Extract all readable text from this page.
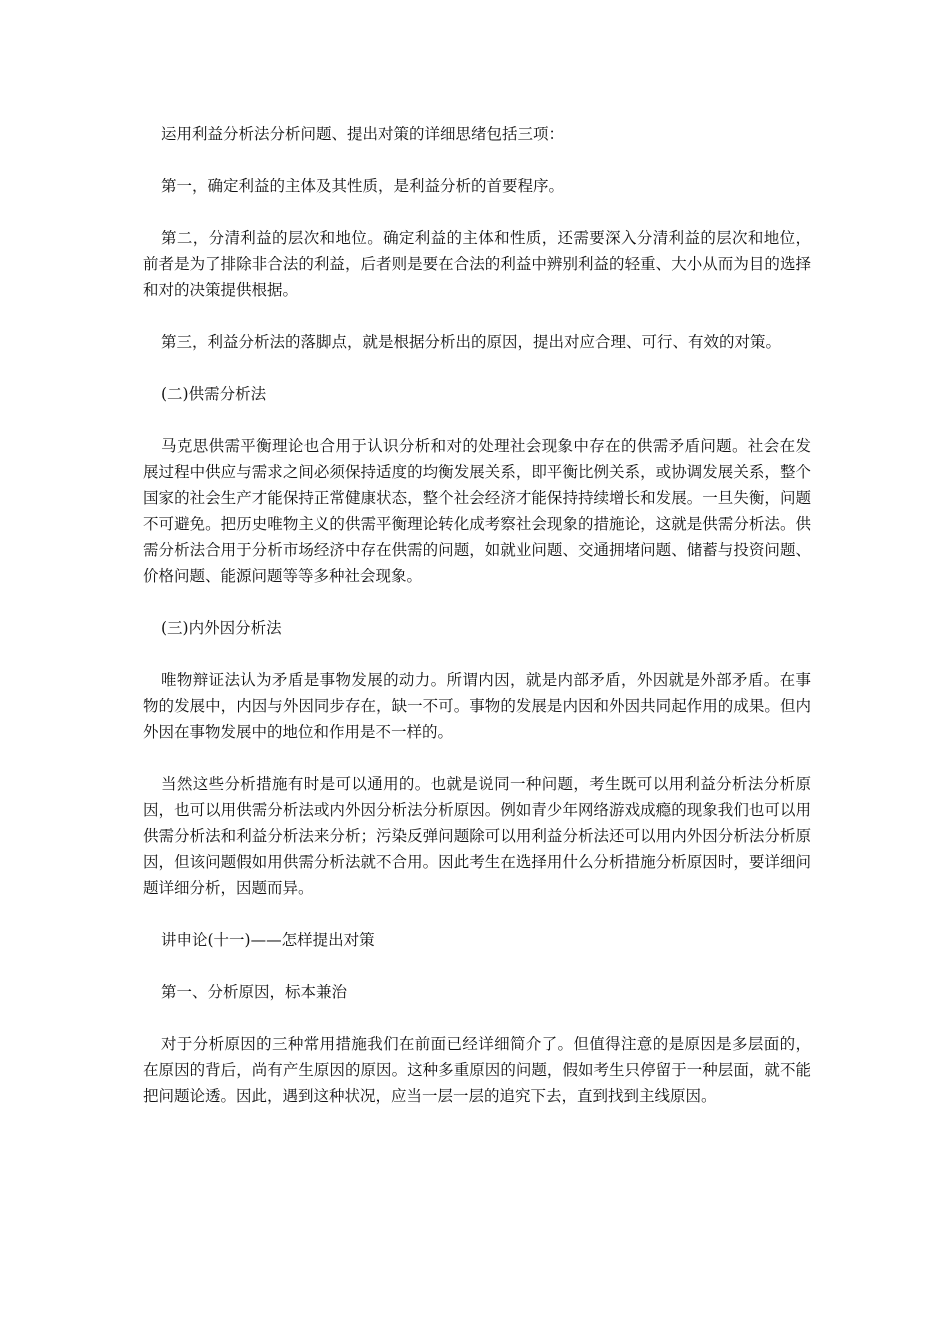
运用利益分析法分析问题、提出对策的详细思绪包括三项：

第一，确定利益的主体及其性质，是利益分析的首要程序。

第二，分清利益的层次和地位。确定利益的主体和性质，还需要深入分清利益的层次和地位，前者是为了排除非合法的利益，后者则是要在合法的利益中辨别利益的轻重、大小从而为目的选择和对的决策提供根据。

第三，利益分析法的落脚点，就是根据分析出的原因，提出对应合理、可行、有效的对策。

(二)供需分析法

马克思供需平衡理论也合用于认识分析和对的处理社会现象中存在的供需矛盾问题。社会在发展过程中供应与需求之间必须保持适度的均衡发展关系，即平衡比例关系，或协调发展关系，整个国家的社会生产才能保持正常健康状态，整个社会经济才能保持持续增长和发展。一旦失衡，问题不可避免。把历史唯物主义的供需平衡理论转化成考察社会现象的措施论，这就是供需分析法。供需分析法合用于分析市场经济中存在供需的问题，如就业问题、交通拥堵问题、储蓄与投资问题、价格问题、能源问题等等多种社会现象。

(三)内外因分析法

唯物辩证法认为矛盾是事物发展的动力。所谓内因，就是内部矛盾，外因就是外部矛盾。在事物的发展中，内因与外因同步存在，缺一不可。事物的发展是内因和外因共同起作用的成果。但内外因在事物发展中的地位和作用是不一样的。

当然这些分析措施有时是可以通用的。也就是说同一种问题，考生既可以用利益分析法分析原因，也可以用供需分析法或内外因分析法分析原因。例如青少年网络游戏成瘾的现象我们也可以用供需分析法和利益分析法来分析；污染反弹问题除可以用利益分析法还可以用内外因分析法分析原因，但该问题假如用供需分析法就不合用。因此考生在选择用什么分析措施分析原因时，要详细问题详细分析，因题而异。

讲申论(十一)——怎样提出对策

第一、分析原因，标本兼治

对于分析原因的三种常用措施我们在前面已经详细简介了。但值得注意的是原因是多层面的，在原因的背后，尚有产生原因的原因。这种多重原因的问题，假如考生只停留于一种层面，就不能把问题论透。因此，遇到这种状况，应当一层一层的追究下去，直到找到主线原因。
